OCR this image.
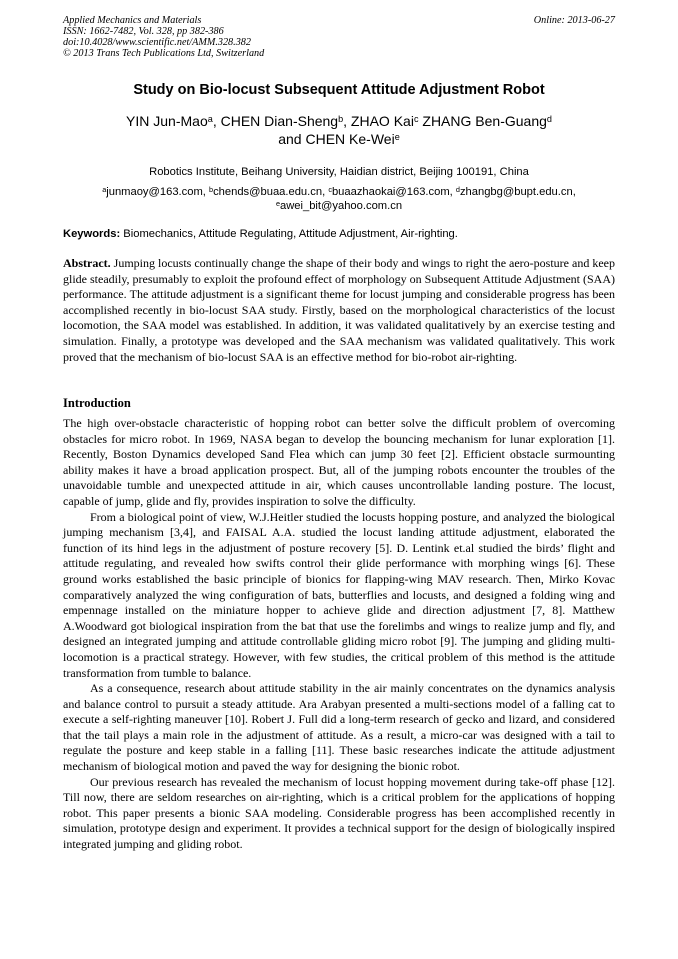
Applied Mechanics and Materials
ISSN: 1662-7482, Vol. 328, pp 382-386
doi:10.4028/www.scientific.net/AMM.328.382
© 2013 Trans Tech Publications Ltd, Switzerland
Online: 2013-06-27
Study on Bio-locust Subsequent Attitude Adjustment Robot
YIN Jun-Mao$^a$, CHEN Dian-Sheng$^b$, ZHAO Kai$^c$ ZHANG Ben-Guang$^d$
and CHEN Ke-Wei$^e$
Robotics Institute, Beihang University, Haidian district, Beijing 100191, China
$^a$junmaoy@163.com, $^b$chends@buaa.edu.cn, $^c$buaazhaokai@163.com, $^d$zhangbg@bupt.edu.cn,
$^e$awei_bit@yahoo.com.cn
Keywords: Biomechanics, Attitude Regulating, Attitude Adjustment, Air-righting.
Abstract. Jumping locusts continually change the shape of their body and wings to right the aero-posture and keep glide steadily, presumably to exploit the profound effect of morphology on Subsequent Attitude Adjustment (SAA) performance. The attitude adjustment is a significant theme for locust jumping and considerable progress has been accomplished recently in bio-locust SAA study. Firstly, based on the morphological characteristics of the locust locomotion, the SAA model was established. In addition, it was validated qualitatively by an exercise testing and simulation. Finally, a prototype was developed and the SAA mechanism was validated qualitatively. This work proved that the mechanism of bio-locust SAA is an effective method for bio-robot air-righting.
Introduction

The high over-obstacle characteristic of hopping robot can better solve the difficult problem of overcoming obstacles for micro robot. In 1969, NASA began to develop the bouncing mechanism for lunar exploration [1]. Recently, Boston Dynamics developed Sand Flea which can jump 30 feet [2]. Efficient obstacle surmounting ability makes it have a broad application prospect. But, all of the jumping robots encounter the troubles of the unavoidable tumble and unexpected attitude in air, which causes uncontrollable landing posture. The locust, capable of jump, glide and fly, provides inspiration to solve the difficulty.

From a biological point of view, W.J.Heitler studied the locusts hopping posture, and analyzed the biological jumping mechanism [3,4], and FAISAL A.A. studied the locust landing attitude adjustment, elaborated the function of its hind legs in the adjustment of posture recovery [5]. D. Lentink et.al studied the birds’ flight and attitude regulating, and revealed how swifts control their glide performance with morphing wings [6]. These ground works established the basic principle of bionics for flapping-wing MAV research. Then, Mirko Kovac comparatively analyzed the wing configuration of bats, butterflies and locusts, and designed a folding wing and empennage installed on the miniature hopper to achieve glide and direction adjustment [7, 8]. Matthew A.Woodward got biological inspiration from the bat that use the forelimbs and wings to realize jump and fly, and designed an integrated jumping and attitude controllable gliding micro robot [9]. The jumping and gliding multi-locomotion is a practical strategy. However, with few studies, the critical problem of this method is the attitude transformation from tumble to balance.

As a consequence, research about attitude stability in the air mainly concentrates on the dynamics analysis and balance control to pursuit a steady attitude. Ara Arabyan presented a multi-sections model of a falling cat to execute a self-righting maneuver [10]. Robert J. Full did a long-term research of gecko and lizard, and considered that the tail plays a main role in the adjustment of attitude. As a result, a micro-car was designed with a tail to regulate the posture and keep stable in a falling [11]. These basic researches indicate the attitude adjustment mechanism of biological motion and paved the way for designing the bionic robot.

Our previous research has revealed the mechanism of locust hopping movement during take-off phase [12]. Till now, there are seldom researches on air-righting, which is a critical problem for the applications of hopping robot. This paper presents a bionic SAA modeling. Considerable progress has been accomplished recently in simulation, prototype design and experiment. It provides a technical support for the design of biologically inspired integrated jumping and gliding robot.
